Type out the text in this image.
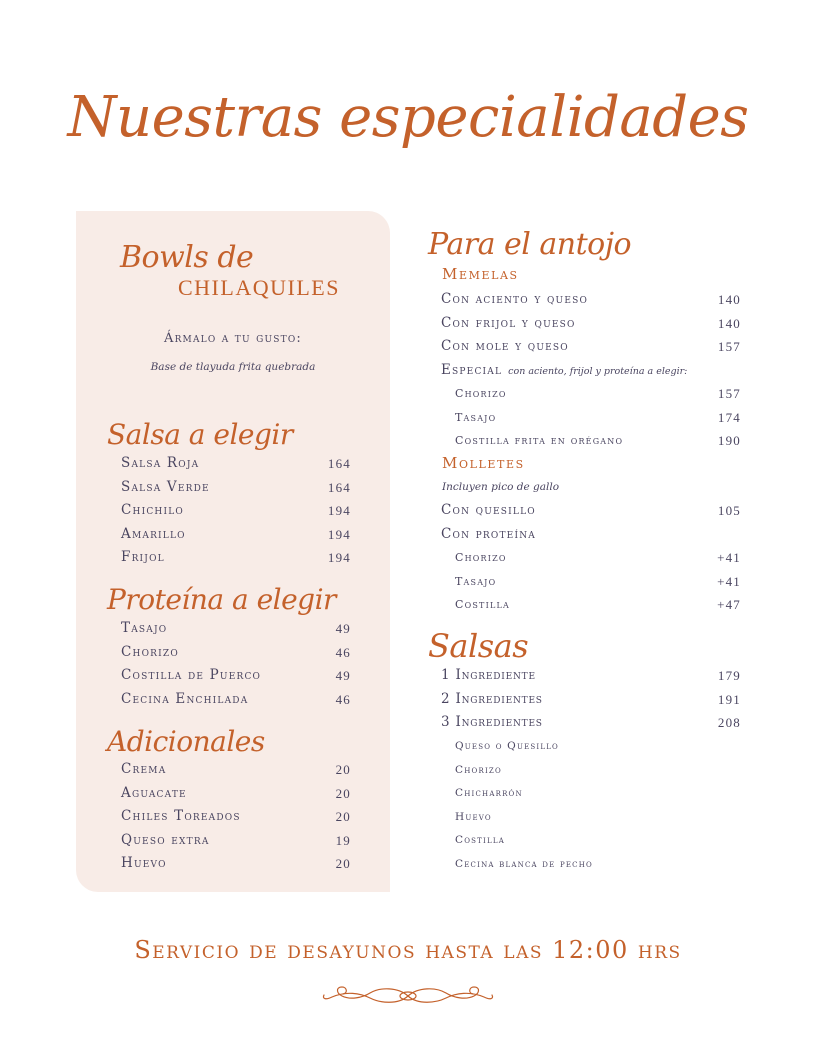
Nuestras especialidades
Bowls de
CHILAQUILES
Ármalo a tu gusto:
Base de tlayuda frita quebrada
Salsa a elegir
Salsa Roja	164
Salsa Verde	164
Chichilo	194
Amarillo	194
Frijol	194
Proteína a elegir
Tasajo	49
Chorizo	46
Costilla de Puerco	49
Cecina Enchilada	46
Adicionales
Crema	20
Aguacate	20
Chiles Toreados	20
Queso extra	19
Huevo	20
Para el antojo
Memelas
Con aciento y queso	140
Con frijol y queso	140
Con mole y queso	157
Especial con aciento, frijol y proteína a elegir:
Chorizo	157
Tasajo	174
Costilla frita en orégano	190
Molletes
Incluyen pico de gallo
Con quesillo	105
Con proteína
Chorizo	+41
Tasajo	+41
Costilla	+47
Salsas
1 Ingrediente	179
2 Ingredientes	191
3 Ingredientes	208
Queso o Quesillo
Chorizo
Chicharrón
Huevo
Costilla
Cecina blanca de pecho
Servicio de desayunos hasta las 12:00 hrs
